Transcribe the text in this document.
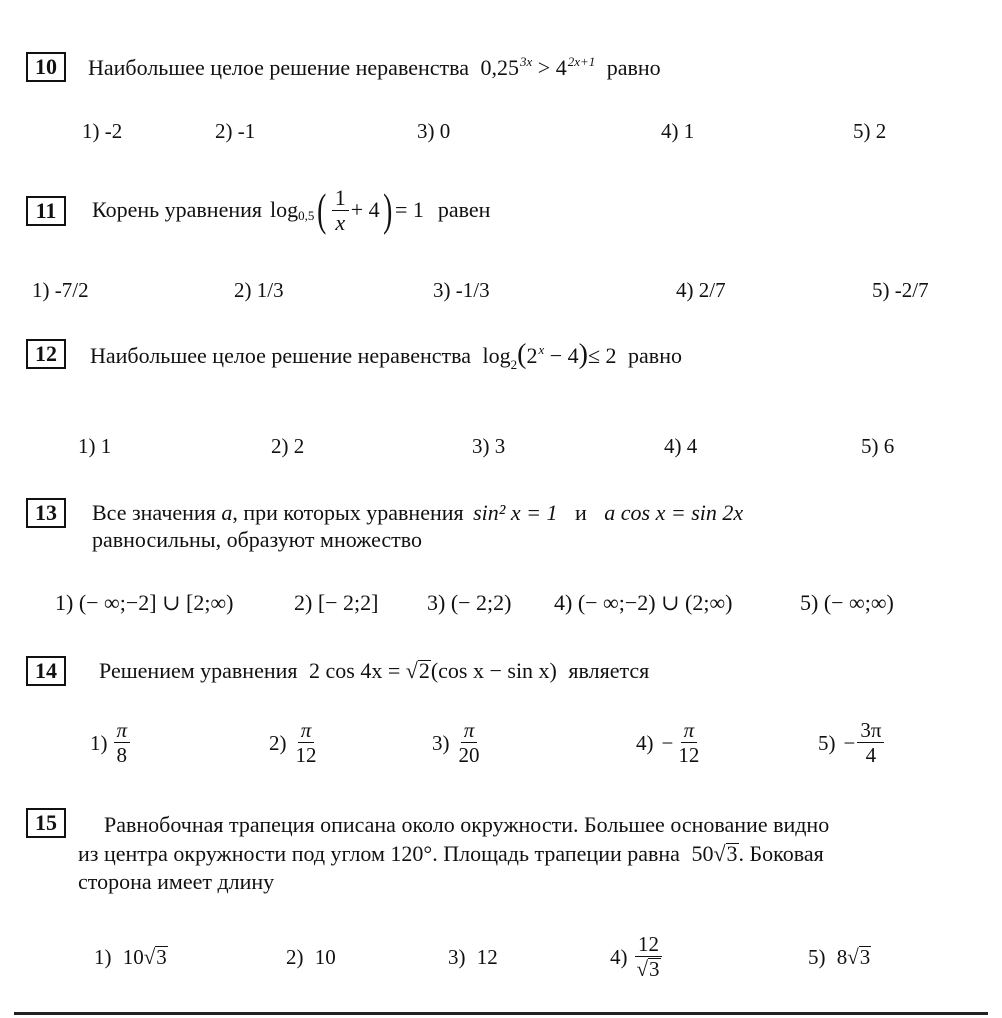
10	Наибольшее целое решение неравенства $0,25^{3x} > 4^{2x+1}$ равно
1) -2	2) -1	3) 0	4) 1	5) 2
11	Корень уравнения $\log_{0,5}$ ( $\frac{1}{x} + 4$ ) = 1 равен
1) -7/2	2) 1/3	3) -1/3	4) 2/7	5) -2/7
12	Наибольшее целое решение неравенства $\log_2(2^x - 4)\le 2$ равно
1) 1	2) 2	3) 3	4) 4	5) 6
13	Все значения a, при которых уравнения sin² x = 1 и a cos x = sin 2x
равносильны, образуют множество
1) (− ∞;−2] ∪ [2;∞)	2) [− 2;2] 3) (− 2;2) 4) (− ∞;−2) ∪ (2;∞)	5) (− ∞;∞)
14	Решением уравнения 2 cos 4x = √2(cos x − sin x) является
$1) \frac{\pi}{8}$	$2) \frac{\pi}{12}$	$3) \frac{\pi}{20}$	$4) - \frac{\pi}{12}$	$5) - \frac{3\pi}{4}$
15	Равнобочная трапеция описана около окружности. Большее основание видно
из центра окружности под углом 120°. Площадь трапеции равна 50√3. Боковая
сторона имеет длину
1) 10√3	2) 10	3) 12	$4) \frac{12}{√3}$	5) 8√3
